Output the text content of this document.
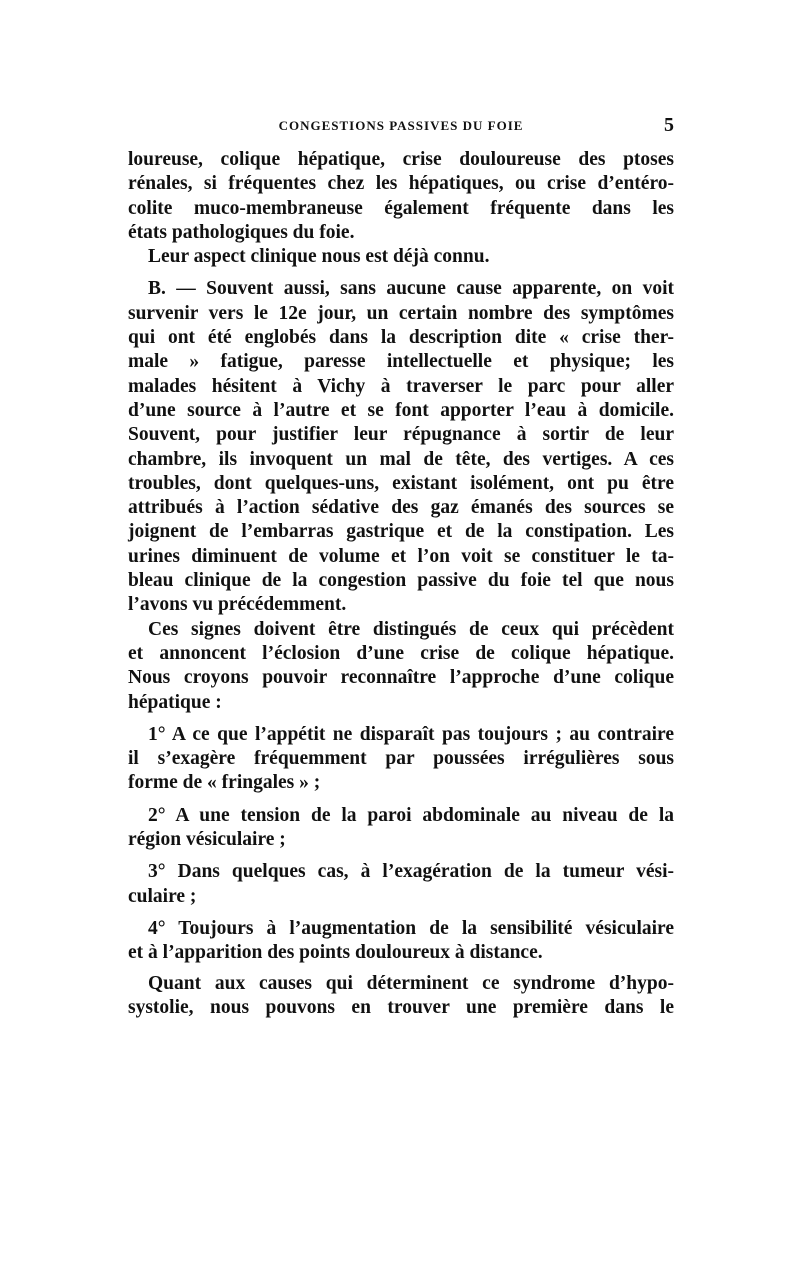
CONGESTIONS PASSIVES DU FOIE	5
loureuse, colique hépatique, crise douloureuse des ptoses
rénales, si fréquentes chez les hépatiques, ou crise d’entéro-
colite muco-membraneuse également fréquente dans les
états pathologiques du foie.
Leur aspect clinique nous est déjà connu.
B. — Souvent aussi, sans aucune cause apparente, on voit
survenir vers le 12e jour, un certain nombre des symptômes
qui ont été englobés dans la description dite « crise ther-
male » fatigue, paresse intellectuelle et physique; les
malades hésitent à Vichy à traverser le parc pour aller
d’une source à l’autre et se font apporter l’eau à domicile.
Souvent, pour justifier leur répugnance à sortir de leur
chambre, ils invoquent un mal de tête, des vertiges. A ces
troubles, dont quelques-uns, existant isolément, ont pu être
attribués à l’action sédative des gaz émanés des sources se
joignent de l’embarras gastrique et de la constipation. Les
urines diminuent de volume et l’on voit se constituer le ta-
bleau clinique de la congestion passive du foie tel que nous
l’avons vu précédemment.
Ces signes doivent être distingués de ceux qui précèdent
et annoncent l’éclosion d’une crise de colique hépatique.
Nous croyons pouvoir reconnaître l’approche d’une colique
hépatique :
1° A ce que l’appétit ne disparaît pas toujours ; au contraire
il s’exagère fréquemment par poussées irrégulières sous
forme de « fringales » ;
2° A une tension de la paroi abdominale au niveau de la
région vésiculaire ;
3° Dans quelques cas, à l’exagération de la tumeur vési-
culaire ;
4° Toujours à l’augmentation de la sensibilité vésiculaire
et à l’apparition des points douloureux à distance.
Quant aux causes qui déterminent ce syndrome d’hypo-
systolie, nous pouvons en trouver une première dans le
